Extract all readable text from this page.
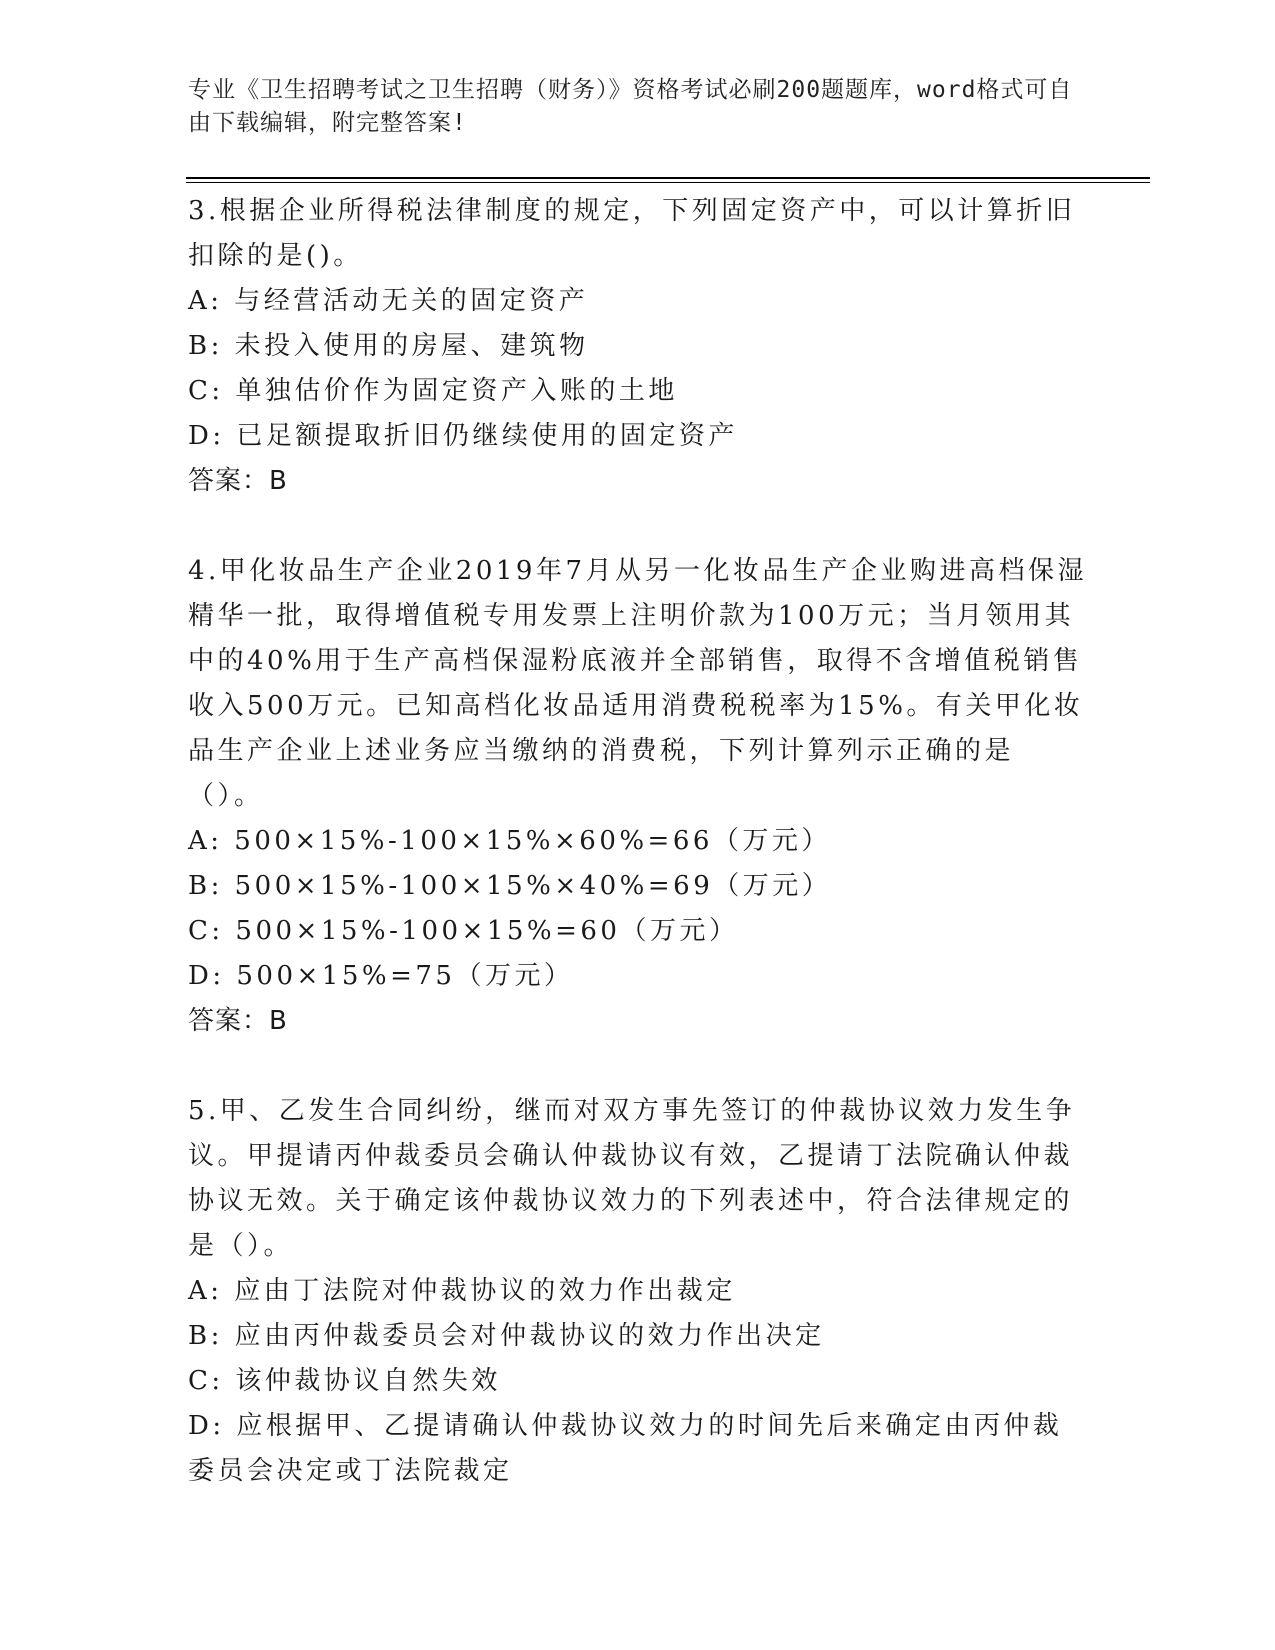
专业《卫生招聘考试之卫生招聘（财务）》资格考试必刷200题题库，word格式可自由下载编辑，附完整答案!

3.根据企业所得税法律制度的规定，下列固定资产中，可以计算折旧扣除的是()。

A: 与经营活动无关的固定资产

B: 未投入使用的房屋、建筑物

C: 单独估价作为固定资产入账的土地

D: 已足额提取折旧仍继续使用的固定资产

答案：B

4.甲化妆品生产企业2019年7月从另一化妆品生产企业购进高档保湿精华一批，取得增值税专用发票上注明价款为100万元；当月领用其中的40%用于生产高档保湿粉底液并全部销售，取得不含增值税销售收入500万元。已知高档化妆品适用消费税税率为15%。有关甲化妆品生产企业上述业务应当缴纳的消费税，下列计算列示正确的是（）。

A: 500×15%-100×15%×60%=66（万元）

B: 500×15%-100×15%×40%=69（万元）

C: 500×15%-100×15%=60（万元）

D: 500×15%=75（万元）

答案：B

5.甲、乙发生合同纠纷，继而对双方事先签订的仲裁协议效力发生争议。甲提请丙仲裁委员会确认仲裁协议有效，乙提请丁法院确认仲裁协议无效。关于确定该仲裁协议效力的下列表述中，符合法律规定的是（）。

A: 应由丁法院对仲裁协议的效力作出裁定

B: 应由丙仲裁委员会对仲裁协议的效力作出决定

C: 该仲裁协议自然失效

D: 应根据甲、乙提请确认仲裁协议效力的时间先后来确定由丙仲裁委员会决定或丁法院裁定
